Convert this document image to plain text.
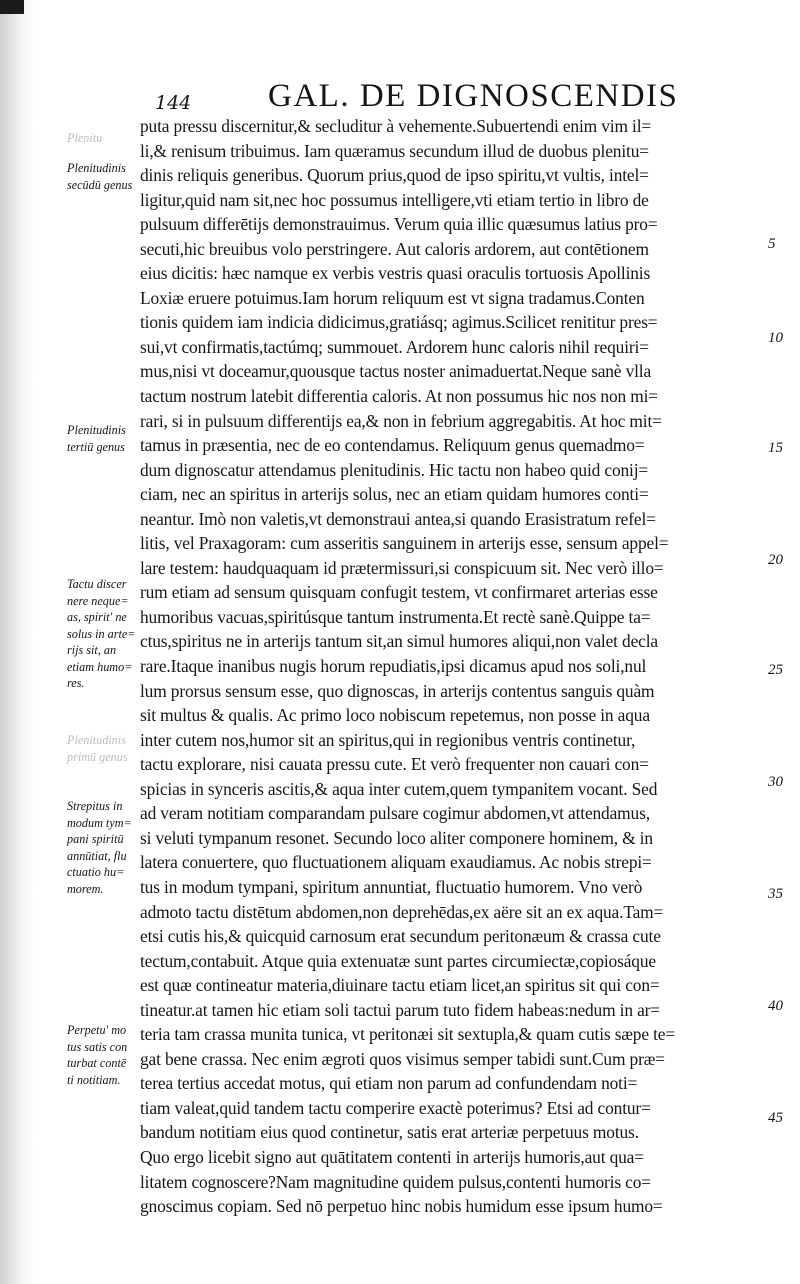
144 GAL. DE DIGNOSCENDIS
puta pressu discernitur,& secluditur à vehemente.Subuertendi enim vim il=
li,& renisum tribuimus. Iam quæramus secundum illud de duobus plenitu=
dinis reliquis generibus. Quorum prius,quod de ipso spiritu,vt vultis, intel=
ligitur,quid nam sit,nec hoc possumus intelligere,vti etiam tertio in libro de
pulsuum differētijs demonstrauimus. Verum quia illic quæsumus latius pro=
secuti,hic breuibus volo perstringere. Aut caloris ardorem, aut contētionem
eius dicitis: hæc namque ex verbis vestris quasi oraculis tortuosis Apollinis
Loxiæ eruere potuimus.Iam horum reliquum est vt signa tradamus.Conten
tionis quidem iam indicia didicimus,gratiásq; agimus.Scilicet renititur pres=
sui,vt confirmatis,tactúmq; summouet. Ardorem hunc caloris nihil requiri=
mus,nisi vt doceamur,quousque tactus noster animaduertat.Neque sanè vlla
tactum nostrum latebit differentia caloris. At non possumus hic nos non mi=
rari, si in pulsuum differentijs ea,& non in febrium aggregabitis. At hoc mit=
tamus in præsentia, nec de eo contendamus. Reliquum genus quemadmo=
dum dignoscatur attendamus plenitudinis. Hic tactu non habeo quid conij=
ciam, nec an spiritus in arterijs solus, nec an etiam quidam humores conti=
neantur. Imò non valetis,vt demonstraui antea,si quando Erasistratum refel=
litis, vel Praxagoram: cum asseritis sanguinem in arterijs esse, sensum appel=
lare testem: haudquaquam id prætermissuri,si conspicuum sit. Nec verò illo=
rum etiam ad sensum quisquam confugit testem, vt confirmaret arterias esse
humoribus vacuas,spiritúsque tantum instrumenta.Et rectè sanè.Quippe ta=
ctus,spiritus ne in arterijs tantum sit,an simul humores aliqui,non valet decla
rare.Itaque inanibus nugis horum repudiatis,ipsi dicamus apud nos soli,nul
lum prorsus sensum esse, quo dignoscas, in arterijs contentus sanguis quàm
sit multus & qualis. Ac primo loco nobiscum repetemus, non posse in aqua
inter cutem nos,humor sit an spiritus,qui in regionibus ventris continetur,
tactu explorare, nisi cauata pressu cute. Et verò frequenter non cauari con=
spicias in synceris ascitis,& aqua inter cutem,quem tympanitem vocant. Sed
ad veram notitiam comparandam pulsare cogimur abdomen,vt attendamus,
si veluti tympanum resonet. Secundo loco aliter componere hominem, & in
latera conuertere, quo fluctuationem aliquam exaudiamus. Ac nobis strepi=
tus in modum tympani, spiritum annuntiat, fluctuatio humorem. Vno verò
admoto tactu distētum abdomen,non deprehēdas,ex aëre sit an ex aqua.Tam=
etsi cutis his,& quicquid carnosum erat secundum peritonæum & crassa cute
tectum,contabuit. Atque quia extenuatæ sunt partes circumiectæ,copiosáque
est quæ contineatur materia,diuinare tactu etiam licet,an spiritus sit qui con=
tineatur.at tamen hic etiam soli tactui parum tuto fidem habeas:nedum in ar=
teria tam crassa munita tunica, vt peritonæi sit sextupla,& quam cutis sæpe te=
gat bene crassa. Nec enim ægroti quos visimus semper tabidi sunt.Cum præ=
terea tertius accedat motus, qui etiam non parum ad confundendam noti=
tiam valeat,quid tandem tactu comperire exactè poterimus? Etsi ad contur=
bandum notitiam eius quod continetur, satis erat arteriæ perpetuus motus.
Quo ergo licebit signo aut quātitatem contenti in arterijs humoris,aut qua=
litatem cognoscere?Nam magnitudine quidem pulsus,contenti humoris co=
gnoscimus copiam. Sed nō perpetuo hinc nobis humidum esse ipsum humo=
Plenitu
Plenitudinis
secūdū genus
Plenitudinis
tertiū genus
Tactu discer
nere neque=
as, spirit' ne
solus in arte=
rijs sit, an
etiam humo=
res.
Plenitudinis
primū genus
Strepitus in
modum tym=
pani spiritū
annūtiat, flu
ctuatio hu=
morem.
Perpetu' mo
tus satis con
turbat contē
ti notitiam.
5
10
15
20
25
30
35
40
45
